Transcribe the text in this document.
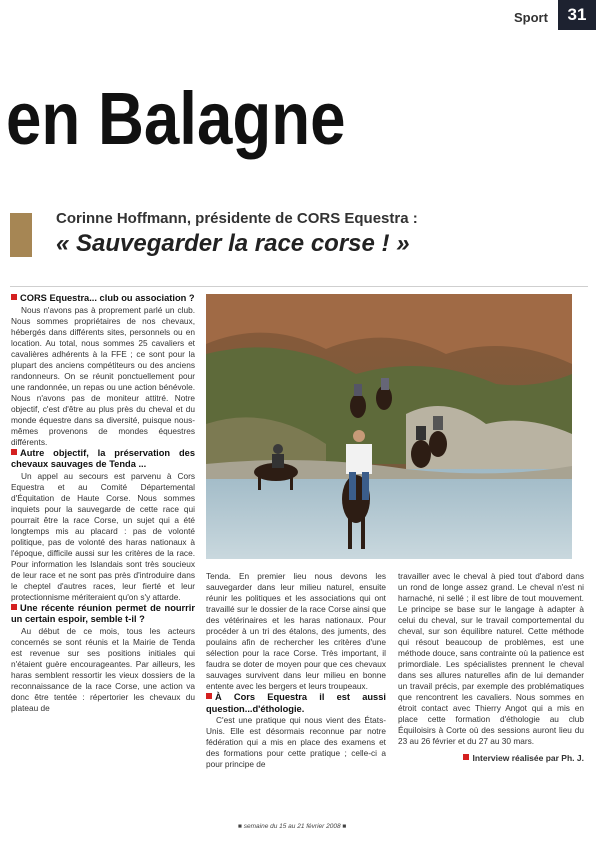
Sport	31
en Balagne
Corinne Hoffmann, présidente de CORS Equestra :
« Sauvegarder la race corse ! »

CORS Equestra... club ou association ?

Nous n'avons pas à proprement parlé un club. Nous sommes propriétaires de nos chevaux, hébergés dans différents sites, personnels ou en location. Au total, nous sommes 25 cavaliers et cavalières adhérents à la FFE ; ce sont pour la plupart des anciens compétiteurs ou des anciens randonneurs. On se réunit ponctuellement pour une randonnée, un repas ou une action bénévole. Nous n'avons pas de moniteur attitré. Notre objectif, c'est d'être au plus près du cheval et du monde équestre dans sa diversité, puisque nous-mêmes provenons de mondes équestres différents.

Autre objectif, la préservation des chevaux sauvages de Tenda ...

Un appel au secours est parvenu à Cors Equestra et au Comité Départemental d'Équitation de Haute Corse. Nous sommes inquiets pour la sauvegarde de cette race qui pourrait être la race Corse, un sujet qui a été longtemps mis au placard : pas de volonté politique, pas de volonté des haras nationaux à l'époque, difficile aussi sur les critères de la race. Pour information les Islandais sont très soucieux de leur race et ne sont pas près d'introduire dans le cheptel d'autres races, leur fierté et leur protectionnisme mériteraient qu'on s'y attarde.

Une récente réunion permet de nourrir un certain espoir, semble t-il ?

Au début de ce mois, tous les acteurs concernés se sont réunis et la Mairie de Tenda est revenue sur ses positions initiales qui n'étaient guère encourageantes. Par ailleurs, les haras semblent ressortir les vieux dossiers de la reconnaissance de la race Corse, une action va donc être tentée : répertorier les chevaux du plateau de

Tenda. En premier lieu nous devons les sauvegarder dans leur milieu naturel, ensuite réunir les politiques et les associations qui ont travaillé sur le dossier de la race Corse ainsi que des vétérinaires et les haras nationaux. Pour procéder à un tri des étalons, des juments, des poulains afin de rechercher les critères d'une sélection pour la race Corse. Très important, il faudra se doter de moyen pour que ces chevaux sauvages survivent dans leur milieu en bonne entente avec les bergers et leurs troupeaux.

À Cors Equestra il est aussi question...d'éthologie.

C'est une pratique qui nous vient des États-Unis. Elle est désormais reconnue par notre fédération qui a mis en place des examens et des formations pour cette pratique ; celle-ci a pour principe de

travailler avec le cheval à pied tout d'abord dans un rond de longe assez grand. Le cheval n'est ni harnaché, ni sellé ; il est libre de tout mouvement. Le principe se base sur le langage à adapter à celui du cheval, sur le travail comportemental du cheval, sur son équilibre naturel. Cette méthode qui résout beaucoup de problèmes, est une méthode douce, sans contrainte où la patience est primordiale. Les spécialistes prennent le cheval dans ses allures naturelles afin de lui demander un travail précis, par exemple des problématiques que rencontrent les cavaliers. Nous sommes en étroit contact avec Thierry Angot qui a mis en place cette formation d'éthologie au club Équiloisirs à Corte où des sessions auront lieu du 23 au 26 février et du 27 au 30 mars.

Interview réalisée par Ph. J.
■ semaine du 15 au 21 février 2008 ■
